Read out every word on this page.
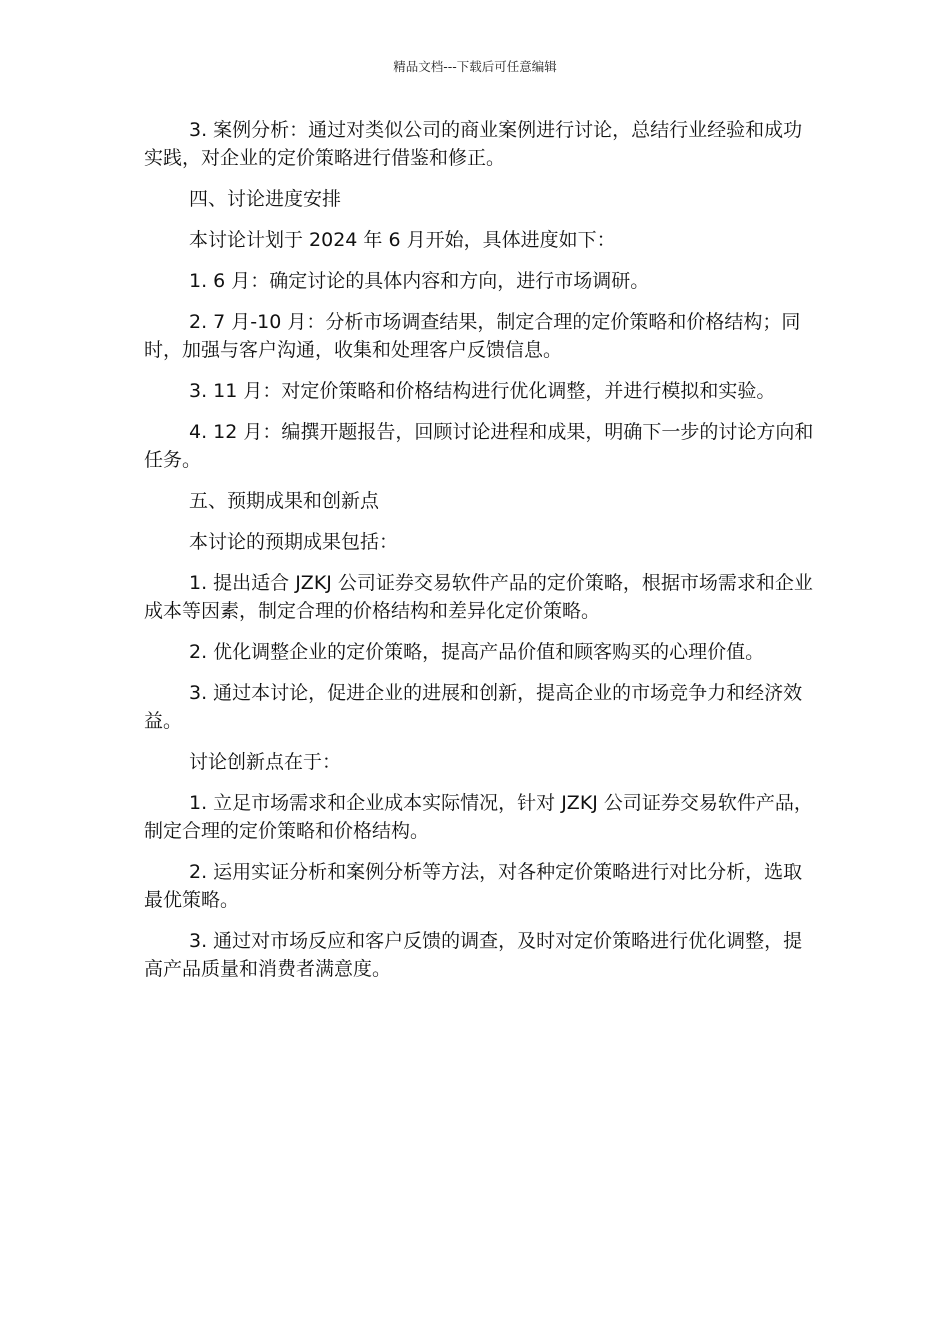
精品文档---下载后可任意编辑

3. 案例分析：通过对类似公司的商业案例进行讨论，总结行业经验和成功实践，对企业的定价策略进行借鉴和修正。

四、讨论进度安排

本讨论计划于 2024 年 6 月开始，具体进度如下：

1. 6 月：确定讨论的具体内容和方向，进行市场调研。

2. 7 月-10 月：分析市场调查结果，制定合理的定价策略和价格结构；同时，加强与客户沟通，收集和处理客户反馈信息。

3. 11 月：对定价策略和价格结构进行优化调整，并进行模拟和实验。

4. 12 月：编撰开题报告，回顾讨论进程和成果，明确下一步的讨论方向和任务。

五、预期成果和创新点

本讨论的预期成果包括：

1. 提出适合 JZKJ 公司证券交易软件产品的定价策略，根据市场需求和企业成本等因素，制定合理的价格结构和差异化定价策略。

2. 优化调整企业的定价策略，提高产品价值和顾客购买的心理价值。

3. 通过本讨论，促进企业的进展和创新，提高企业的市场竞争力和经济效益。

讨论创新点在于：

1. 立足市场需求和企业成本实际情况，针对 JZKJ 公司证券交易软件产品，制定合理的定价策略和价格结构。

2. 运用实证分析和案例分析等方法，对各种定价策略进行对比分析，选取最优策略。

3. 通过对市场反应和客户反馈的调查，及时对定价策略进行优化调整，提高产品质量和消费者满意度。
